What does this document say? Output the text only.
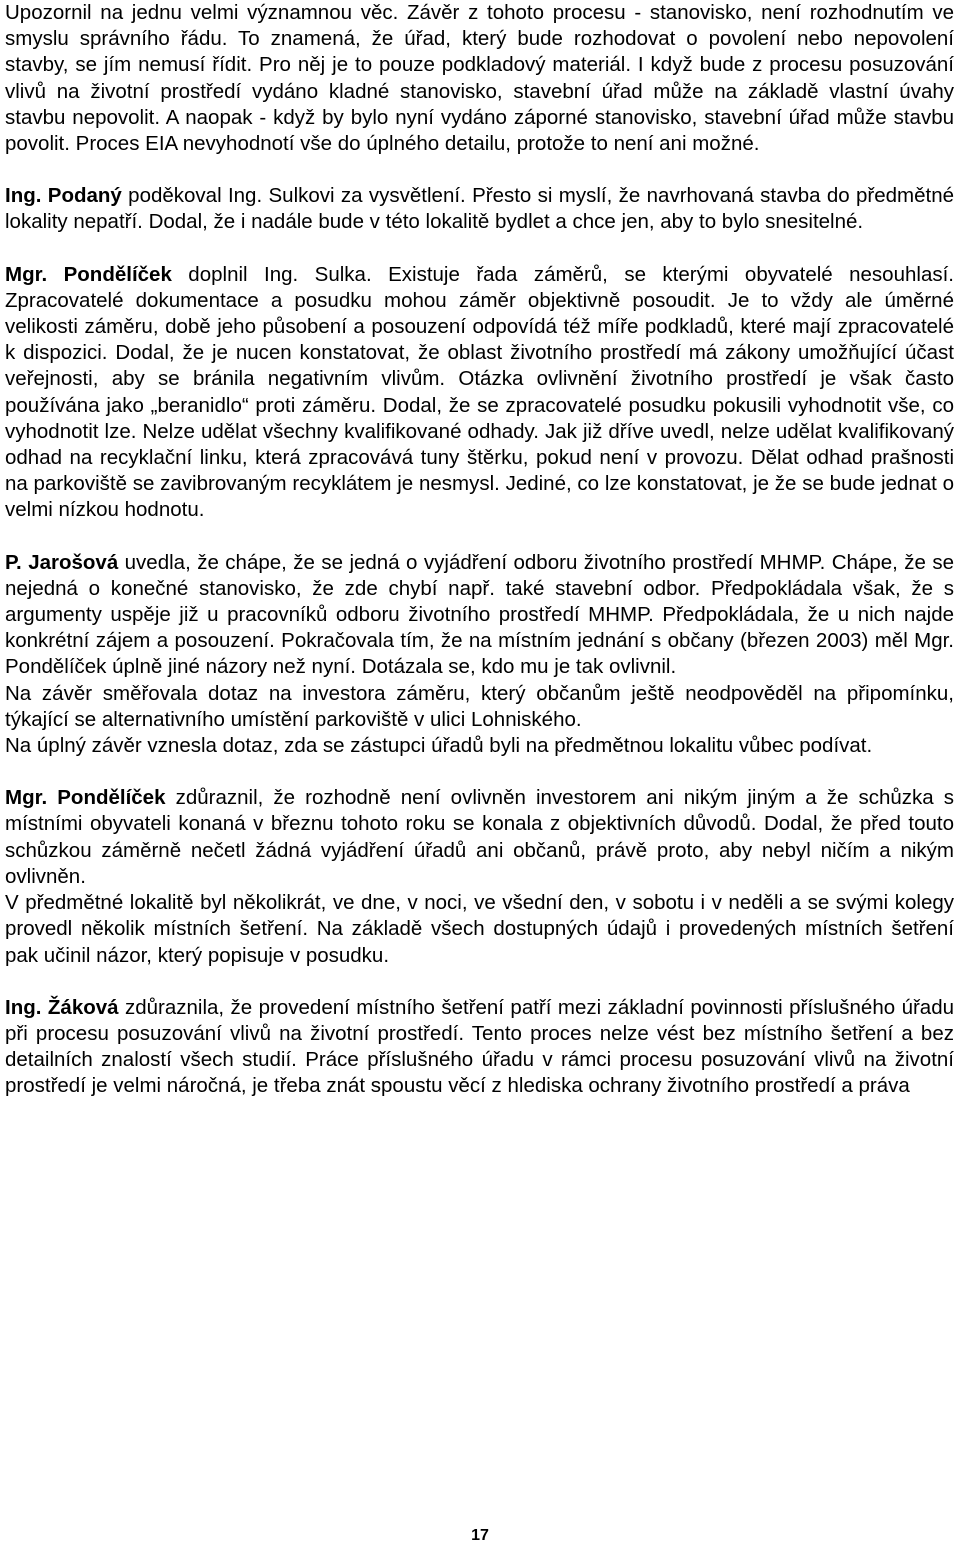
Upozornil na jednu velmi významnou věc. Závěr z tohoto procesu - stanovisko, není rozhodnutím ve smyslu správního řádu. To znamená, že úřad, který bude rozhodovat o povolení nebo nepovolení stavby, se jím nemusí řídit. Pro něj je to pouze podkladový materiál. I když bude z procesu posuzování vlivů na životní prostředí vydáno kladné stanovisko, stavební úřad může na základě vlastní úvahy stavbu nepovolit. A naopak - když by bylo nyní vydáno záporné stanovisko, stavební úřad může stavbu povolit. Proces EIA nevyhodnotí vše do úplného detailu, protože to není ani možné.

Ing. Podaný poděkoval Ing. Sulkovi za vysvětlení. Přesto si myslí, že navrhovaná stavba do předmětné lokality nepatří. Dodal, že i nadále bude v této lokalitě bydlet a chce jen, aby to bylo snesitelné.

Mgr. Pondělíček doplnil Ing. Sulka. Existuje řada záměrů, se kterými obyvatelé nesouhlasí. Zpracovatelé dokumentace a posudku mohou záměr objektivně posoudit. Je to vždy ale úměrné velikosti záměru, době jeho působení a posouzení odpovídá též míře podkladů, které mají zpracovatelé k dispozici. Dodal, že je nucen konstatovat, že oblast životního prostředí má zákony umožňující účast veřejnosti, aby se bránila negativním vlivům. Otázka ovlivnění životního prostředí je však často používána jako „beranidlo“ proti záměru. Dodal, že se zpracovatelé posudku pokusili vyhodnotit vše, co vyhodnotit lze. Nelze udělat všechny kvalifikované odhady. Jak již dříve uvedl, nelze udělat kvalifikovaný odhad na recyklační linku, která zpracovává tuny štěrku, pokud není v provozu. Dělat odhad prašnosti na parkoviště se zavibrovaným recyklátem je nesmysl. Jediné, co lze konstatovat, je že se bude jednat o velmi nízkou hodnotu.

P. Jarošová uvedla, že chápe, že se jedná o vyjádření odboru životního prostředí MHMP. Chápe, že se nejedná o konečné stanovisko, že zde chybí např. také stavební odbor. Předpokládala však, že s argumenty uspěje již u pracovníků odboru životního prostředí MHMP. Předpokládala, že u nich najde konkrétní zájem a posouzení. Pokračovala tím, že na místním jednání s občany (březen 2003) měl Mgr. Pondělíček úplně jiné názory než nyní. Dotázala se, kdo mu je tak ovlivnil.

Na závěr směřovala dotaz na investora záměru, který občanům ještě neodpověděl na připomínku, týkající se alternativního umístění parkoviště v ulici Lohniského.

Na úplný závěr vznesla dotaz, zda se zástupci úřadů byli na předmětnou lokalitu vůbec podívat.

Mgr. Pondělíček zdůraznil, že rozhodně není ovlivněn investorem ani nikým jiným a že schůzka s místními obyvateli konaná v březnu tohoto roku se konala z objektivních důvodů. Dodal, že před touto schůzkou záměrně nečetl žádná vyjádření úřadů ani občanů, právě proto, aby nebyl ničím a nikým ovlivněn.

V předmětné lokalitě byl několikrát, ve dne, v noci, ve všední den, v sobotu i v neděli a se svými kolegy provedl několik místních šetření. Na základě všech dostupných údajů i provedených místních šetření pak učinil názor, který popisuje v posudku.

Ing. Žáková zdůraznila, že provedení místního šetření patří mezi základní povinnosti příslušného úřadu při procesu posuzování vlivů na životní prostředí. Tento proces nelze vést bez místního šetření a bez detailních znalostí všech studií. Práce příslušného úřadu v rámci procesu posuzování vlivů na životní prostředí je velmi náročná, je třeba znát spoustu věcí z hlediska ochrany životního prostředí a práva

17
